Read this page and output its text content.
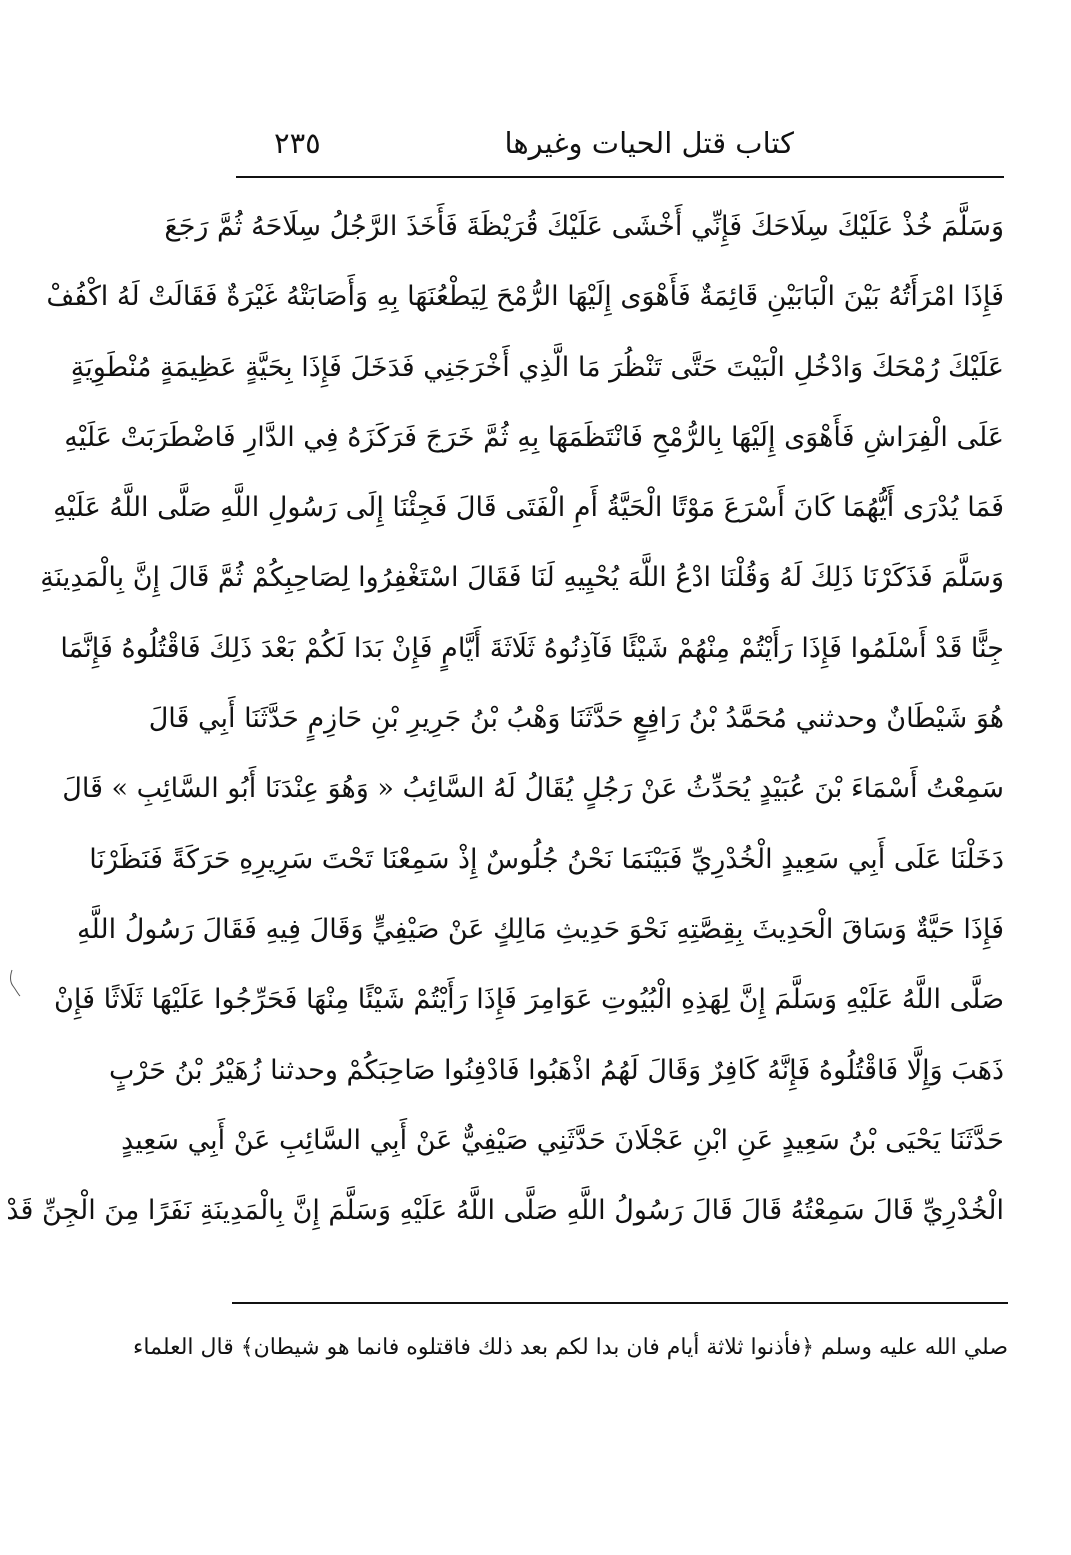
كتاب قتل الحيات وغيرها
٢٣٥
وَسَلَّمَ خُذْ عَلَيْكَ سِلَاحَكَ فَإِنِّي أَخْشَى عَلَيْكَ قُرَيْظَةَ فَأَخَذَ الرَّجُلُ سِلَاحَهُ ثُمَّ رَجَعَ
فَإِذَا امْرَأَتُهُ بَيْنَ الْبَابَيْنِ قَائِمَةٌ فَأَهْوَى إِلَيْهَا الرُّمْحَ لِيَطْعُنَهَا بِهِ وَأَصَابَتْهُ غَيْرَةٌ فَقَالَتْ لَهُ اكْفُفْ
عَلَيْكَ رُمْحَكَ وَادْخُلِ الْبَيْتَ حَتَّى تَنْظُرَ مَا الَّذِي أَخْرَجَنِي فَدَخَلَ فَإِذَا بِحَيَّةٍ عَظِيمَةٍ مُنْطَوِيَةٍ
عَلَى الْفِرَاشِ فَأَهْوَى إِلَيْهَا بِالرُّمْحِ فَانْتَظَمَهَا بِهِ ثُمَّ خَرَجَ فَرَكَزَهُ فِي الدَّارِ فَاضْطَرَبَتْ عَلَيْهِ
فَمَا يُدْرَى أَيُّهُمَا كَانَ أَسْرَعَ مَوْتًا الْحَيَّةُ أَمِ الْفَتَى قَالَ فَجِئْنَا إِلَى رَسُولِ اللَّهِ صَلَّى اللَّهُ عَلَيْهِ
وَسَلَّمَ فَذَكَرْنَا ذَلِكَ لَهُ وَقُلْنَا ادْعُ اللَّهَ يُحْيِيهِ لَنَا فَقَالَ اسْتَغْفِرُوا لِصَاحِبِكُمْ ثُمَّ قَالَ إِنَّ بِالْمَدِينَةِ
جِنًّا قَدْ أَسْلَمُوا فَإِذَا رَأَيْتُمْ مِنْهُمْ شَيْئًا فَآذِنُوهُ ثَلَاثَةَ أَيَّامٍ فَإِنْ بَدَا لَكُمْ بَعْدَ ذَلِكَ فَاقْتُلُوهُ فَإِنَّمَا
هُوَ شَيْطَانٌ وحدثني مُحَمَّدُ بْنُ رَافِعٍ حَدَّثَنَا وَهْبُ بْنُ جَرِيرِ بْنِ حَازِمٍ حَدَّثَنَا أَبِي قَالَ
سَمِعْتُ أَسْمَاءَ بْنَ عُبَيْدٍ يُحَدِّثُ عَنْ رَجُلٍ يُقَالُ لَهُ السَّائِبُ « وَهُوَ عِنْدَنَا أَبُو السَّائِبِ » قَالَ
دَخَلْنَا عَلَى أَبِي سَعِيدٍ الْخُدْرِيِّ فَبَيْنَمَا نَحْنُ جُلُوسٌ إِذْ سَمِعْنَا تَحْتَ سَرِيرِهِ حَرَكَةً فَنَظَرْنَا
فَإِذَا حَيَّةٌ وَسَاقَ الْحَدِيثَ بِقِصَّتِهِ نَحْوَ حَدِيثِ مَالِكٍ عَنْ صَيْفِيٍّ وَقَالَ فِيهِ فَقَالَ رَسُولُ اللَّهِ
صَلَّى اللَّهُ عَلَيْهِ وَسَلَّمَ إِنَّ لِهَذِهِ الْبُيُوتِ عَوَامِرَ فَإِذَا رَأَيْتُمْ شَيْئًا مِنْهَا فَحَرِّجُوا عَلَيْهَا ثَلَاثًا فَإِنْ
ذَهَبَ وَإِلَّا فَاقْتُلُوهُ فَإِنَّهُ كَافِرٌ وَقَالَ لَهُمُ اذْهَبُوا فَادْفِنُوا صَاحِبَكُمْ وحدثنا زُهَيْرُ بْنُ حَرْبٍ
حَدَّثَنَا يَحْيَى بْنُ سَعِيدٍ عَنِ ابْنِ عَجْلَانَ حَدَّثَنِي صَيْفِيٌّ عَنْ أَبِي السَّائِبِ عَنْ أَبِي سَعِيدٍ
الْخُدْرِيِّ قَالَ سَمِعْتُهُ قَالَ قَالَ رَسُولُ اللَّهِ صَلَّى اللَّهُ عَلَيْهِ وَسَلَّمَ إِنَّ بِالْمَدِينَةِ نَفَرًا مِنَ الْجِنِّ قَدْ
صلي الله عليه وسلم ﴿فأذنوا ثلاثة أيام فان بدا لكم بعد ذلك فاقتلوه فانما هو شيطان﴾ قال العلماء
